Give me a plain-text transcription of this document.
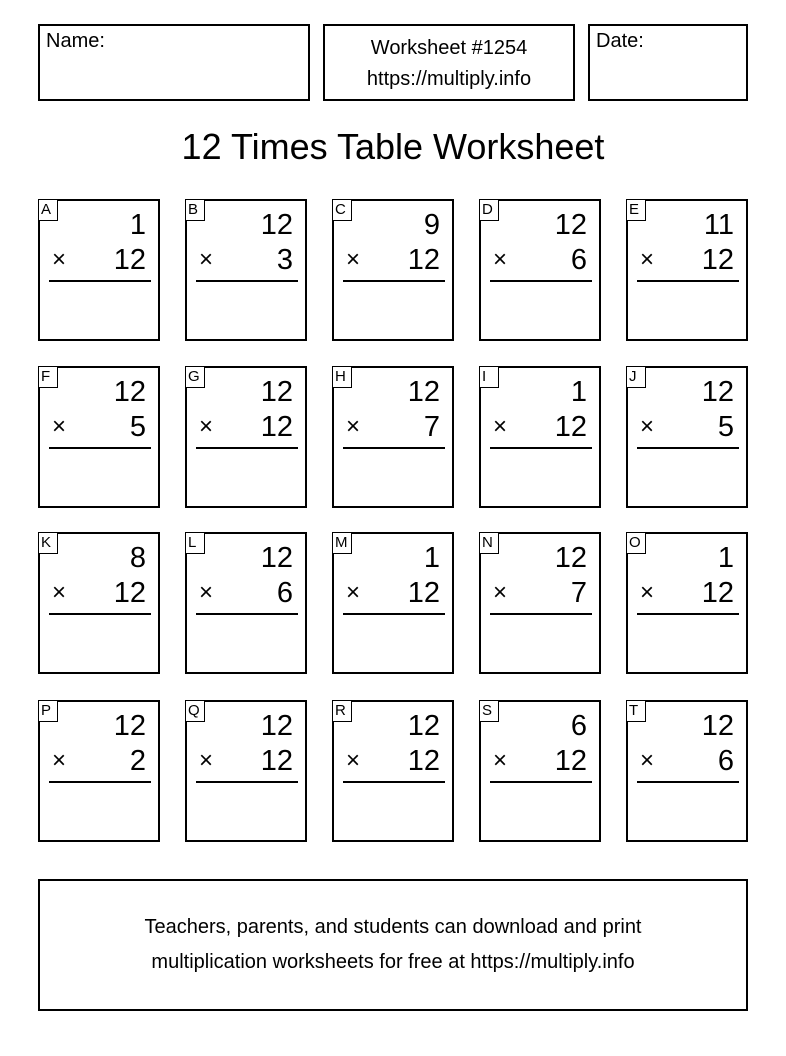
Name:	Worksheet #1254
https://multiply.info
Date:
12 Times Table Worksheet
A	1
× 12
B 12
× 3
C	9
× 12
D 12
× 6
E 11
× 12
F 12
× 5
G 12
× 12
H 12
× 7
I	1
× 12
J	12
× 5
K	8
× 12
L 12
× 6
M	1
× 12
N 12
× 7
O	1
× 12
P 12
× 2
Q 12
× 12
R 12
× 12
S	6
× 12
T 12
× 6
Teachers, parents, and students can download and print
multiplication worksheets for free at https://multiply.info
